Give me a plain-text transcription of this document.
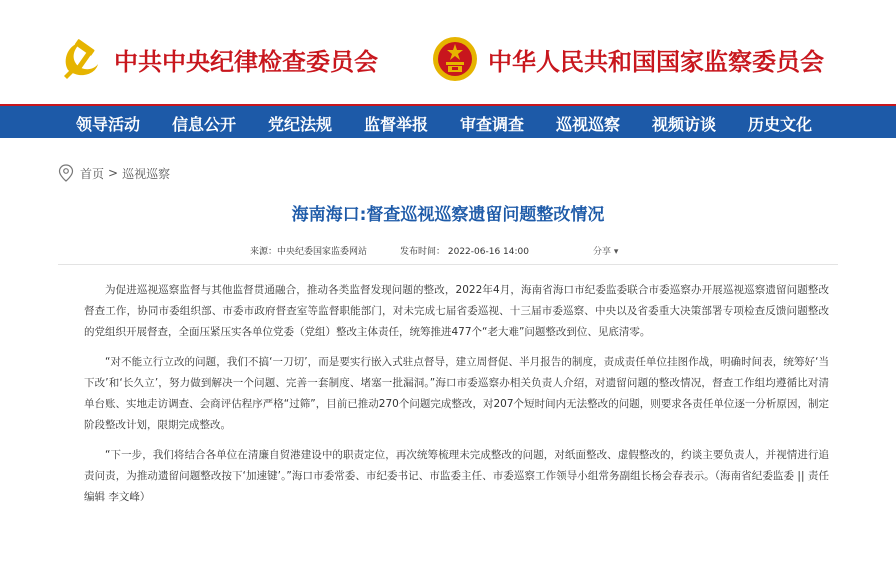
中共中央纪律检查委员会	中华人民共和国国家监察委员会
领导活动 信息公开 党纪法规 监督举报 审查调查 巡视巡察 视频访谈 历史文化
首页 > 巡视巡察
海南海口:督查巡视巡察遗留问题整改情况
来源：中央纪委国家监委网站	发布时间： 2022-06-16 14:00	分享 ▾

为促进巡视巡察监督与其他监督贯通融合，推动各类监督发现问题的整改，2022年4月，海南省海口市纪委监委联合市委巡察办开展巡视巡察遗留问题整改督查工作，协同市委组织部、市委市政府督查室等监督职能部门，对未完成七届省委巡视、十三届市委巡察、中央以及省委重大决策部署专项检查反馈问题整改的党组织开展督查，全面压紧压实各单位党委（党组）整改主体责任，统筹推进477个“老大难”问题整改到位、见底清零。

“对不能立行立改的问题，我们不搞‘一刀切’，而是要实行嵌入式驻点督导，建立周督促、半月报告的制度，责成责任单位挂图作战，明确时间表，统筹好‘当下改’和‘长久立’，努力做到解决一个问题、完善一套制度、堵塞一批漏洞。”海口市委巡察办相关负责人介绍，对遗留问题的整改情况，督查工作组均遵循比对清单台账、实地走访调查、会商评估程序严格“过筛”，目前已推动270个问题完成整改，对207个短时间内无法整改的问题，则要求各责任单位逐一分析原因，制定阶段整改计划，限期完成整改。

“下一步，我们将结合各单位在清廉自贸港建设中的职责定位，再次统筹梳理未完成整改的问题，对纸面整改、虚假整改的，约谈主要负责人，并视情进行追责问责，为推动遗留问题整改按下‘加速键’。”海口市委常委、市纪委书记、市监委主任、市委巡察工作领导小组常务副组长杨会春表示。（海南省纪委监委 || 责任编辑 李文峰）
